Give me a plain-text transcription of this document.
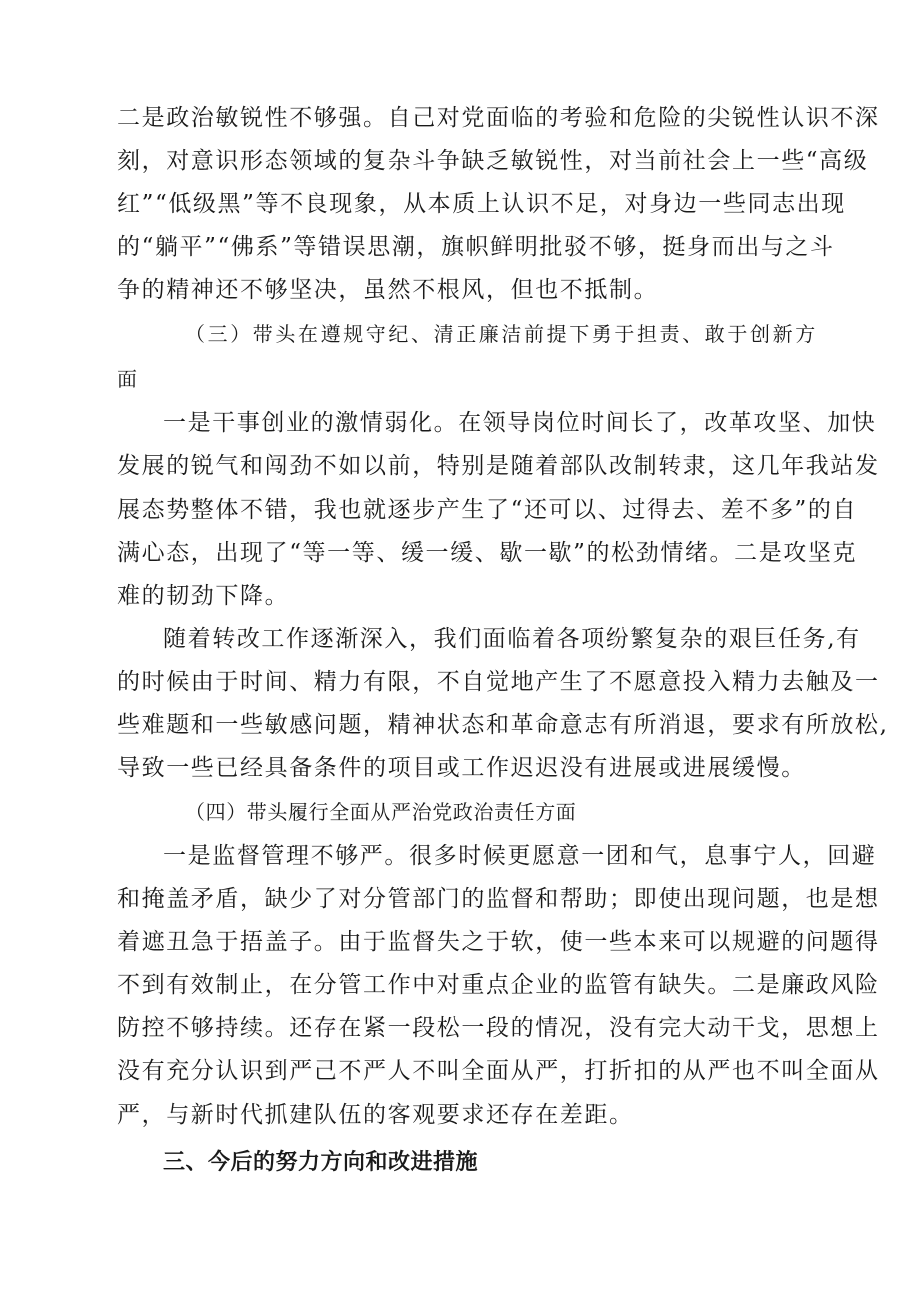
二是政治敏锐性不够强。自己对党面临的考验和危险的尖锐性认识不深
刻，对意识形态领域的复杂斗争缺乏敏锐性，对当前社会上一些“高级
红”“低级黑”等不良现象，从本质上认识不足，对身边一些同志出现
的“躺平”“佛系”等错误思潮，旗帜鲜明批驳不够，挺身而出与之斗
争的精神还不够坚决，虽然不根风，但也不抵制。
（三）带头在遵规守纪、清正廉洁前提下勇于担责、敢于创新方
面
一是干事创业的激情弱化。在领导岗位时间长了，改革攻坚、加快
发展的锐气和闯劲不如以前，特别是随着部队改制转隶，这几年我站发
展态势整体不错，我也就逐步产生了“还可以、过得去、差不多”的自
满心态，出现了“等一等、缓一缓、歇一歇”的松劲情绪。二是攻坚克
难的韧劲下降。
随着转改工作逐渐深入，我们面临着各项纷繁复杂的艰巨任务,有
的时候由于时间、精力有限，不自觉地产生了不愿意投入精力去触及一
些难题和一些敏感问题，精神状态和革命意志有所消退，要求有所放松,
导致一些已经具备条件的项目或工作迟迟没有进展或进展缓慢。
（四）带头履行全面从严治党政治责任方面
一是监督管理不够严。很多时候更愿意一团和气，息事宁人，回避
和掩盖矛盾，缺少了对分管部门的监督和帮助；即使出现问题，也是想
着遮丑急于捂盖子。由于监督失之于软，使一些本来可以规避的问题得
不到有效制止，在分管工作中对重点企业的监管有缺失。二是廉政风险
防控不够持续。还存在紧一段松一段的情况，没有完大动干戈，思想上
没有充分认识到严己不严人不叫全面从严，打折扣的从严也不叫全面从
严，与新时代抓建队伍的客观要求还存在差距。
三、今后的努力方向和改进措施
